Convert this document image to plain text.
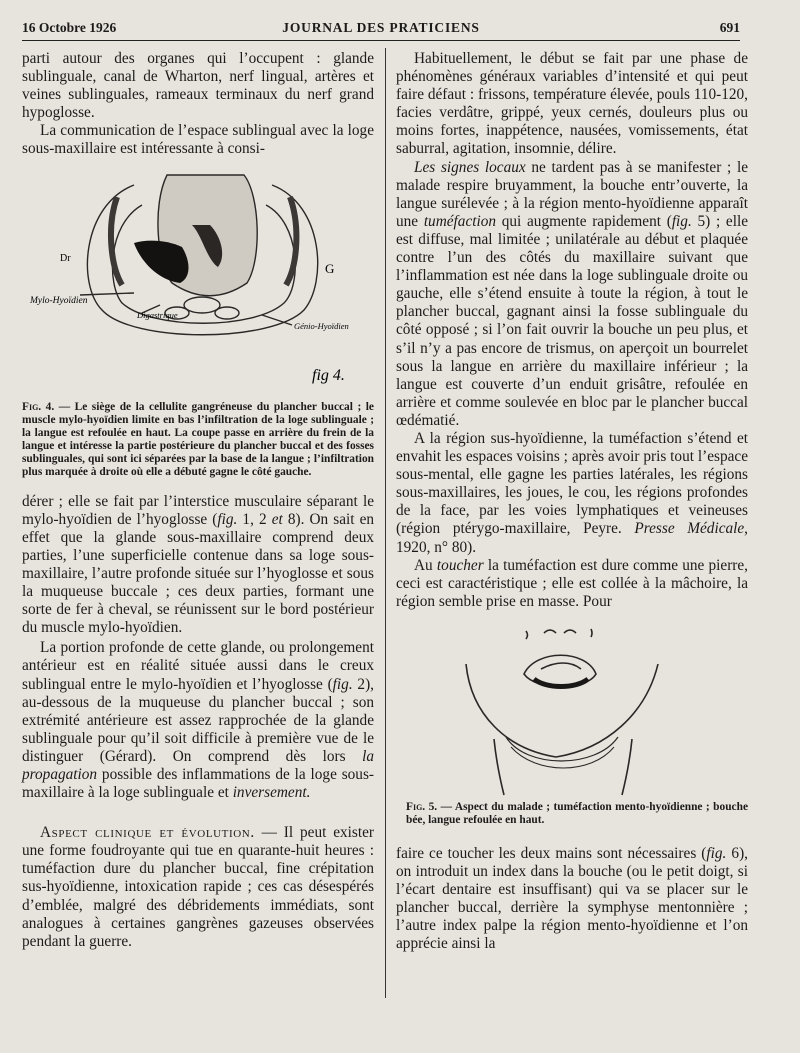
16 Octobre 1926	JOURNAL DES PRATICIENS	691

parti autour des organes qui l’occupent : glande sublinguale, canal de Wharton, nerf lingual, artères et veines sublinguales, rameaux terminaux du nerf grand hypoglosse.

La communication de l’espace sublingual avec la loge sous-maxillaire est intéressante à consi-

Dr
G
Mylo-Hyoïdien
Digastrique
Génio-Hyoïdien
fig 4.

Fig. 4. — Le siège de la cellulite gangréneuse du plancher buccal ; le muscle mylo-hyoïdien limite en bas l’infiltration de la loge sublinguale ; la langue est refoulée en haut. La coupe passe en arrière du frein de la langue et intéresse la partie postérieure du plancher buccal et des fosses sublinguales, qui sont ici séparées par la base de la langue ; l’infiltration plus marquée à droite où elle a débuté gagne le côté gauche.

dérer ; elle se fait par l’interstice musculaire séparant le mylo-hyoïdien de l’hyoglosse (fig. 1, 2 et 8). On sait en effet que la glande sous-maxillaire comprend deux parties, l’une superficielle contenue dans sa loge sous-maxillaire, l’autre profonde située sur l’hyoglosse et sous la muqueuse buccale ; ces deux parties, formant une sorte de fer à cheval, se réunissent sur le bord postérieur du muscle mylo-hyoïdien.

La portion profonde de cette glande, ou prolongement antérieur est en réalité située aussi dans le creux sublingual entre le mylo-hyoïdien et l’hyoglosse (fig. 2), au-dessous de la muqueuse du plancher buccal ; son extrémité antérieure est assez rapprochée de la glande sublinguale pour qu’il soit difficile à première vue de le distinguer (Gérard). On comprend dès lors la propagation possible des inflammations de la loge sous-maxillaire à la loge sublinguale et inversement.

Aspect clinique et évolution. — Il peut exister une forme foudroyante qui tue en quarante-huit heures : tuméfaction dure du plancher buccal, fine crépitation sus-hyoïdienne, intoxication rapide ; ces cas désespérés d’emblée, malgré des débridements immédiats, sont analogues à certaines gangrènes gazeuses observées pendant la guerre.

Habituellement, le début se fait par une phase de phénomènes généraux variables d’intensité et qui peut faire défaut : frissons, température élevée, pouls 110-120, facies verdâtre, grippé, yeux cernés, douleurs plus ou moins fortes, inappétence, nausées, vomissements, état saburral, agitation, insomnie, délire.

Les signes locaux ne tardent pas à se manifester ; le malade respire bruyamment, la bouche entr’ouverte, la langue surélevée ; à la région mento-hyoïdienne apparaît une tuméfaction qui augmente rapidement (fig. 5) ; elle est diffuse, mal limitée ; unilatérale au début et plaquée contre l’un des côtés du maxillaire suivant que l’inflammation est née dans la loge sublinguale droite ou gauche, elle s’étend ensuite à toute la région, à tout le plancher buccal, gagnant ainsi la fosse sublinguale du côté opposé ; si l’on fait ouvrir la bouche un peu plus, et s’il n’y a pas encore de trismus, on aperçoit un bourrelet sous la langue en arrière du maxillaire inférieur ; la langue est couverte d’un enduit grisâtre, refoulée en arrière et comme soulevée en bloc par le plancher buccal œdématié.

A la région sus-hyoïdienne, la tuméfaction s’étend et envahit les espaces voisins ; après avoir pris tout l’espace sous-mental, elle gagne les parties latérales, les régions sous-maxillaires, les joues, le cou, les régions profondes de la face, par les voies lymphatiques et veineuses (région ptérygo-maxillaire, Peyre. Presse Médicale, 1920, n° 80).

Au toucher la tuméfaction est dure comme une pierre, ceci est caractéristique ; elle est collée à la mâchoire, la région semble prise en masse. Pour

Fig. 5. — Aspect du malade ; tuméfaction mento-hyoïdienne ; bouche bée, langue refoulée en haut.

faire ce toucher les deux mains sont nécessaires (fig. 6), on introduit un index dans la bouche (ou le petit doigt, si l’écart dentaire est insuffisant) qui va se placer sur le plancher buccal, derrière la symphyse mentonnière ; l’autre index palpe la région mento-hyoïdienne et l’on apprécie ainsi la
